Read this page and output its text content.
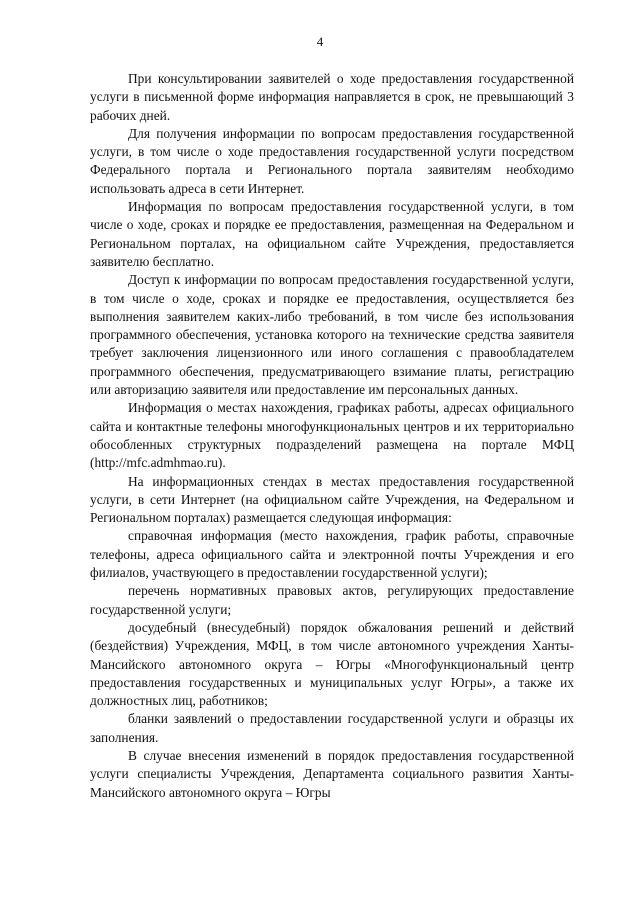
4

При консультировании заявителей о ходе предоставления государственной услуги в письменной форме информация направляется в срок, не превышающий 3 рабочих дней.

Для получения информации по вопросам предоставления государственной услуги, в том числе о ходе предоставления государственной услуги посредством Федерального портала и Регионального портала заявителям необходимо использовать адреса в сети Интернет.

Информация по вопросам предоставления государственной услуги, в том числе о ходе, сроках и порядке ее предоставления, размещенная на Федеральном и Региональном порталах, на официальном сайте Учреждения, предоставляется заявителю бесплатно.

Доступ к информации по вопросам предоставления государственной услуги, в том числе о ходе, сроках и порядке ее предоставления, осуществляется без выполнения заявителем каких-либо требований, в том числе без использования программного обеспечения, установка которого на технические средства заявителя требует заключения лицензионного или иного соглашения с правообладателем программного обеспечения, предусматривающего взимание платы, регистрацию или авторизацию заявителя или предоставление им персональных данных.

Информация о местах нахождения, графиках работы, адресах официального сайта и контактные телефоны многофункциональных центров и их территориально обособленных структурных подразделений размещена на портале МФЦ (http://mfc.admhmao.ru).

На информационных стендах в местах предоставления государственной услуги, в сети Интернет (на официальном сайте Учреждения, на Федеральном и Региональном порталах) размещается следующая информация:

справочная информация (место нахождения, график работы, справочные телефоны, адреса официального сайта и электронной почты Учреждения и его филиалов, участвующего в предоставлении государственной услуги);

перечень нормативных правовых актов, регулирующих предоставление государственной услуги;

досудебный (внесудебный) порядок обжалования решений и действий (бездействия) Учреждения, МФЦ, в том числе автономного учреждения Ханты-Мансийского автономного округа – Югры «Многофункциональный центр предоставления государственных и муниципальных услуг Югры», а также их должностных лиц, работников;

бланки заявлений о предоставлении государственной услуги и образцы их заполнения.

В случае внесения изменений в порядок предоставления государственной услуги специалисты Учреждения, Департамента социального развития Ханты-Мансийского автономного округа – Югры
